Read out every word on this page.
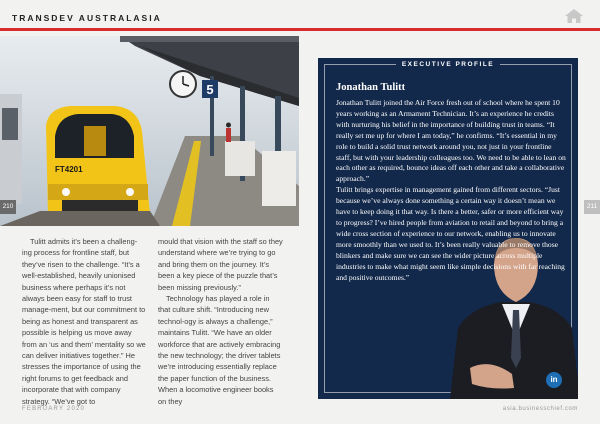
TRANSDEV AUSTRALASIA
5
FT4201
210	211

Tulitt admits it’s been a challeng-ing process for frontline staff, but they’ve risen to the challenge. “It’s a well-established, heavily unionised business where perhaps it’s not always been easy for staff to trust manage-ment, but our commitment to being as honest and transparent as possible is helping us move away from an ‘us and them’ mentality so we can deliver initiatives together.” He stresses the importance of using the right forums to get feedback and incorporate that with company strategy. “We’ve got to

mould that vision with the staff so they understand where we’re trying to go and bring them on the journey. It’s been a key piece of the puzzle that’s been missing previously.”

Technology has played a role in that culture shift. “Introducing new technol-ogy is always a challenge,” maintains Tulitt. “We have an older workforce that are actively embracing the new technology; the driver tablets we’re introducing essentially replace the paper function of the business. When a locomotive engineer books on they

EXECUTIVE PROFILE
Jonathan Tulitt
in

Jonathan Tulitt joined the Air Force fresh out of school where he spent 10 years working as an Armament Technician. It’s an experience he credits with nurturing his belief in the importance of building trust in teams. “It really set me up for where I am today,” he confirms. “It’s essential in my role to build a solid trust network around you, not just in your frontline staff, but with your leadership colleagues too. We need to be able to lean on each other as required, bounce ideas off each other and take a collaborative approach.”

Tulitt brings expertise in management gained from different sectors. “Just because we’ve always done something a certain way it doesn’t mean we have to keep doing it that way. Is there a better, safer or more efficient way to progress? I’ve hired people from aviation to retail and beyond to bring a wide cross section of experience to our network, enabling us to innovate more smoothly than we used to. It’s been really valuable to remove those blinkers and make sure we can see the wider picture across multiple industries to make what might seem like simple decisions with far reaching and positive outcomes.”

FEBRUARY 2020	asia.businesschief.com
